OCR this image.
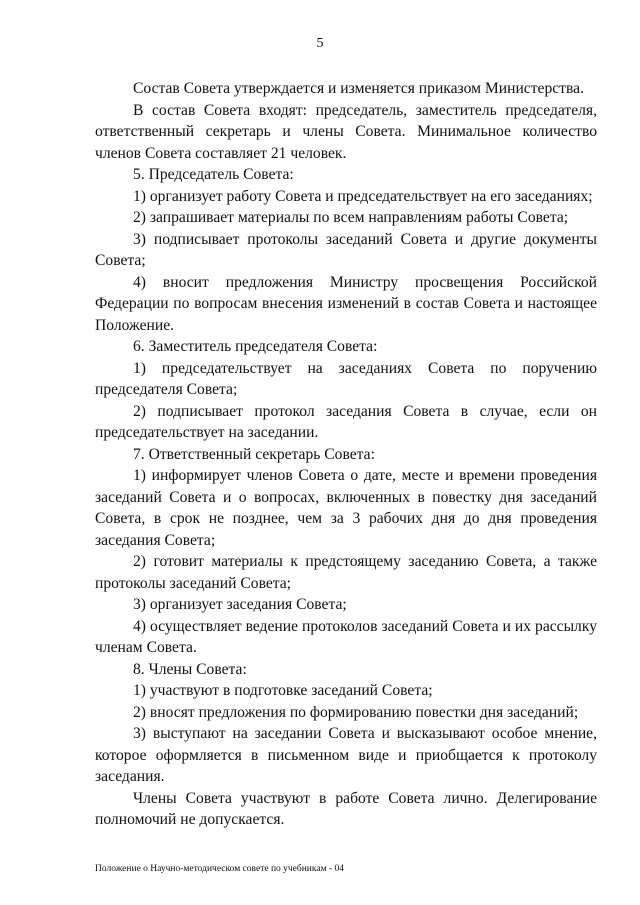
5

Состав Совета утверждается и изменяется приказом Министерства.

В состав Совета входят: председатель, заместитель председателя, ответственный секретарь и члены Совета. Минимальное количество членов Совета составляет 21 человек.

5. Председатель Совета:

1) организует работу Совета и председательствует на его заседаниях;

2) запрашивает материалы по всем направлениям работы Совета;

3) подписывает протоколы заседаний Совета и другие документы Совета;

4) вносит предложения Министру просвещения Российской Федерации по вопросам внесения изменений в состав Совета и настоящее Положение.

6. Заместитель председателя Совета:

1) председательствует на заседаниях Совета по поручению председателя Совета;

2) подписывает протокол заседания Совета в случае, если он председательствует на заседании.

7. Ответственный секретарь Совета:

1) информирует членов Совета о дате, месте и времени проведения заседаний Совета и о вопросах, включенных в повестку дня заседаний Совета, в срок не позднее, чем за 3 рабочих дня до дня проведения заседания Совета;

2) готовит материалы к предстоящему заседанию Совета, а также протоколы заседаний Совета;

3) организует заседания Совета;

4) осуществляет ведение протоколов заседаний Совета и их рассылку членам Совета.

8. Члены Совета:

1) участвуют в подготовке заседаний Совета;

2) вносят предложения по формированию повестки дня заседаний;

3) выступают на заседании Совета и высказывают особое мнение, которое оформляется в письменном виде и приобщается к протоколу заседания.

Члены Совета участвуют в работе Совета лично. Делегирование полномочий не допускается.

Положение о Научно-методическом совете по учебникам - 04
